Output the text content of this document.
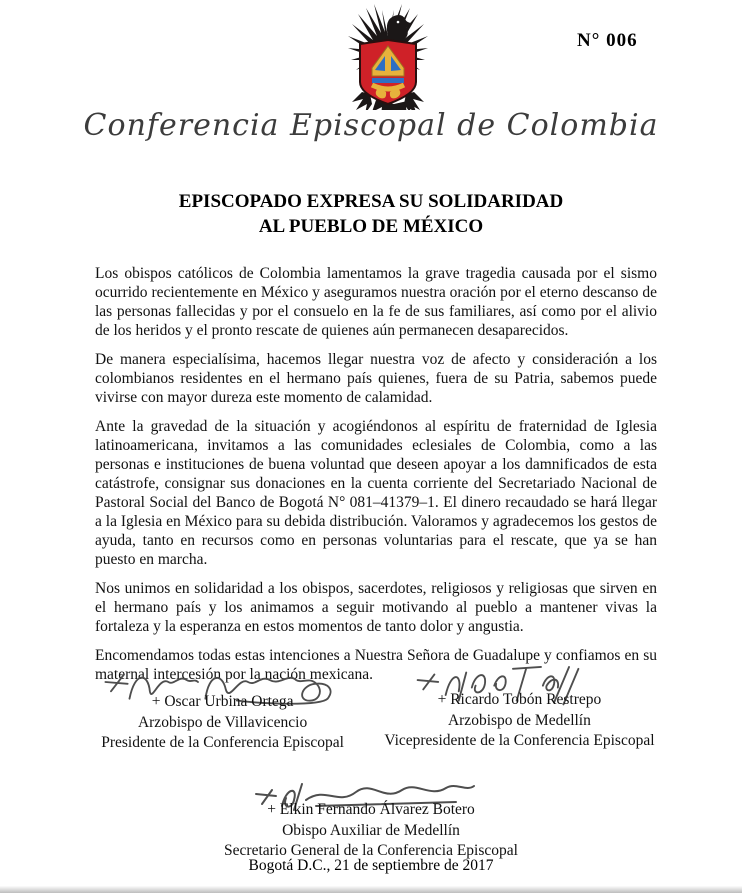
N° 006
Conferencia Episcopal de Colombia
EPISCOPADO EXPRESA SU SOLIDARIDAD
AL PUEBLO DE MÉXICO

Los obispos católicos de Colombia lamentamos la grave tragedia causada por el sismo ocurrido recientemente en México y aseguramos nuestra oración por el eterno descanso de las personas fallecidas y por el consuelo en la fe de sus familiares, así como por el alivio de los heridos y el pronto rescate de quienes aún permanecen desaparecidos.

De manera especialísima, hacemos llegar nuestra voz de afecto y consideración a los colombianos residentes en el hermano país quienes, fuera de su Patria, sabemos puede vivirse con mayor dureza este momento de calamidad.

Ante la gravedad de la situación y acogiéndonos al espíritu de fraternidad de Iglesia latinoamericana, invitamos a las comunidades eclesiales de Colombia, como a las personas e instituciones de buena voluntad que deseen apoyar a los damnificados de esta catástrofe, consignar sus donaciones en la cuenta corriente del Secretariado Nacional de Pastoral Social del Banco de Bogotá N° 081–41379–1. El dinero recaudado se hará llegar a la Iglesia en México para su debida distribución. Valoramos y agradecemos los gestos de ayuda, tanto en recursos como en personas voluntarias para el rescate, que ya se han puesto en marcha.

Nos unimos en solidaridad a los obispos, sacerdotes, religiosos y religiosas que sirven en el hermano país y los animamos a seguir motivando al pueblo a mantener vivas la fortaleza y la esperanza en estos momentos de tanto dolor y angustia.

Encomendamos todas estas intenciones a Nuestra Señora de Guadalupe y confiamos en su maternal intercesión por la nación mexicana.

+ Oscar Urbina Ortega
Arzobispo de Villavicencio
Presidente de la Conferencia Episcopal
+ Ricardo Tobón Restrepo
Arzobispo de Medellín
Vicepresidente de la Conferencia Episcopal
+ Elkin Fernando Álvarez Botero
Obispo Auxiliar de Medellín
Secretario General de la Conferencia Episcopal
Bogotá D.C., 21 de septiembre de 2017
